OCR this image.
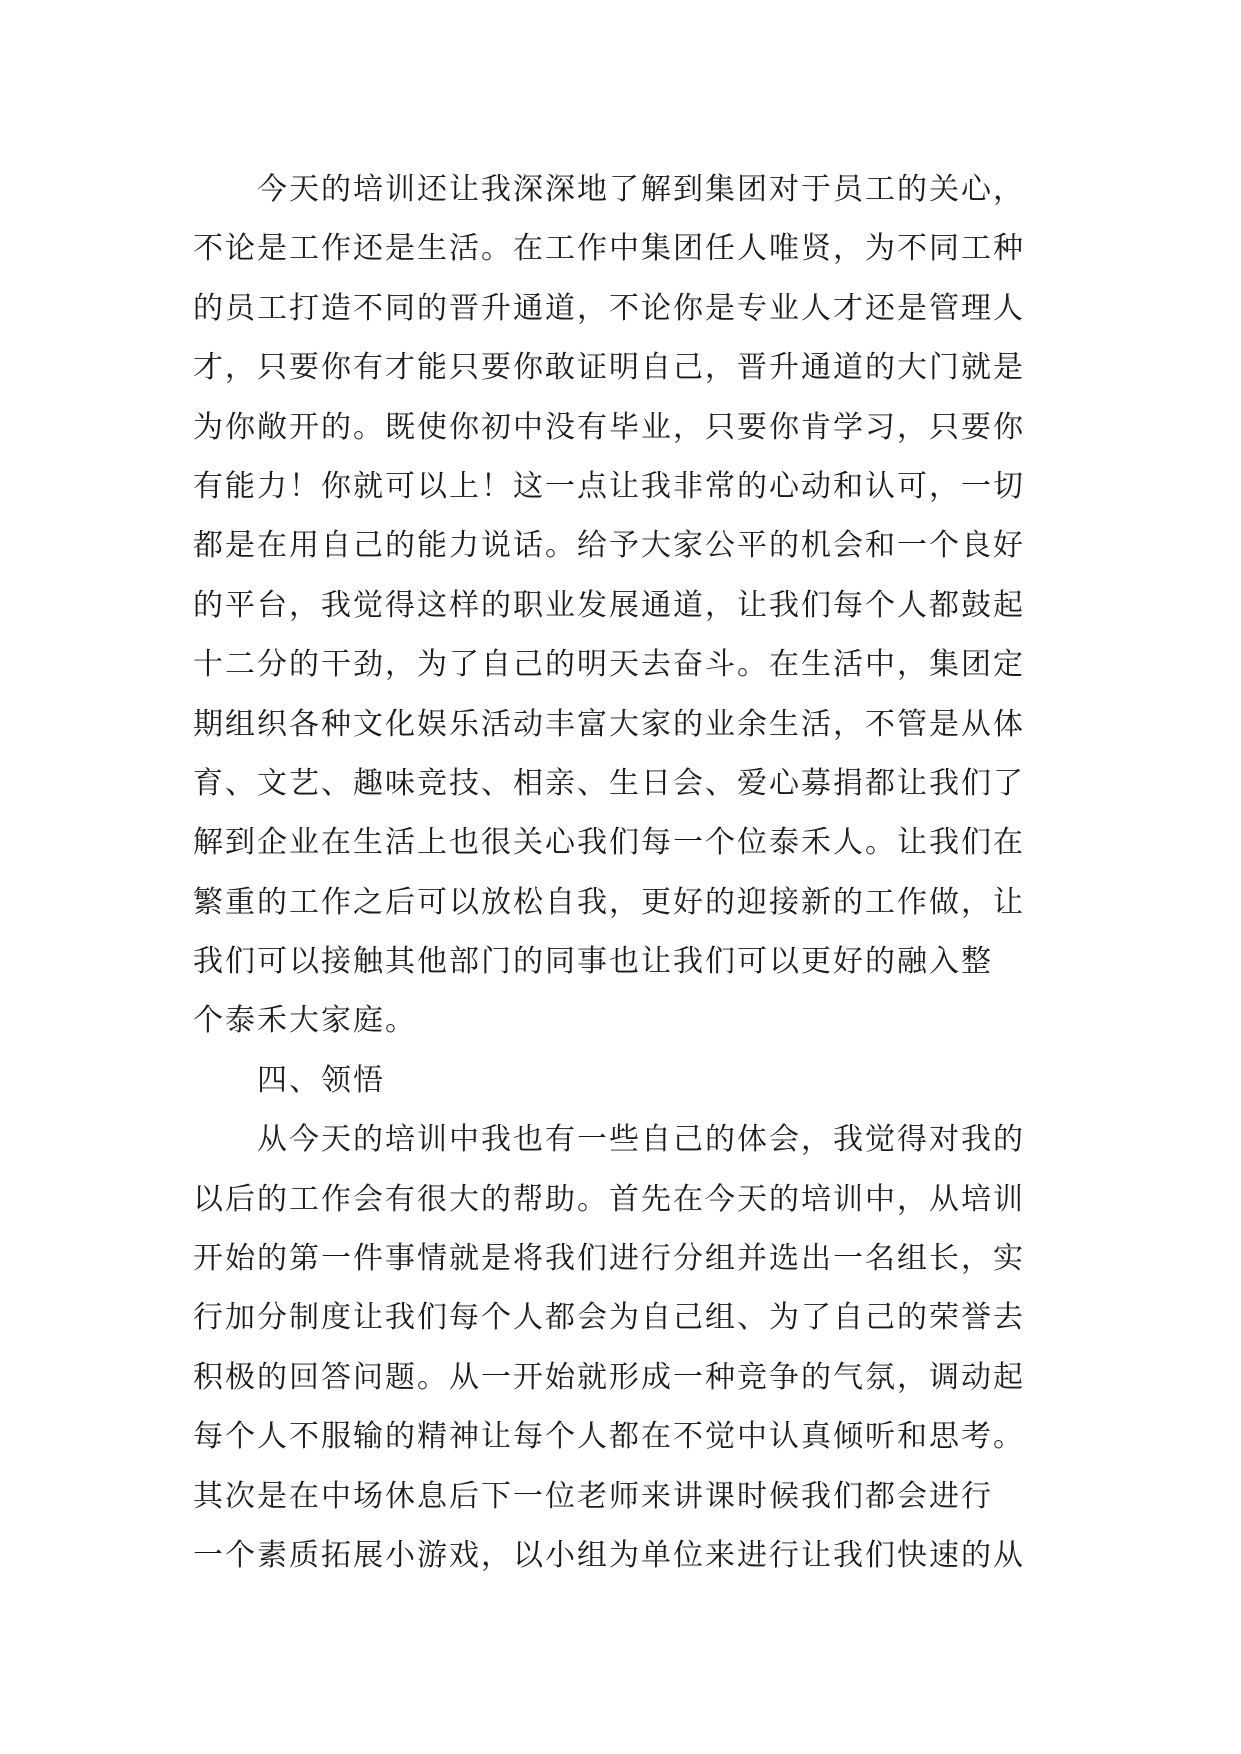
今天的培训还让我深深地了解到集团对于员工的关心，
不论是工作还是生活。在工作中集团任人唯贤，为不同工种
的员工打造不同的晋升通道，不论你是专业人才还是管理人
才，只要你有才能只要你敢证明自己，晋升通道的大门就是
为你敞开的。既使你初中没有毕业，只要你肯学习，只要你
有能力！你就可以上！这一点让我非常的心动和认可，一切
都是在用自己的能力说话。给予大家公平的机会和一个良好
的平台，我觉得这样的职业发展通道，让我们每个人都鼓起
十二分的干劲，为了自己的明天去奋斗。在生活中，集团定
期组织各种文化娱乐活动丰富大家的业余生活，不管是从体
育、文艺、趣味竞技、相亲、生日会、爱心募捐都让我们了
解到企业在生活上也很关心我们每一个位泰禾人。让我们在
繁重的工作之后可以放松自我，更好的迎接新的工作做，让
我们可以接触其他部门的同事也让我们可以更好的融入整
个泰禾大家庭。
四、领悟
从今天的培训中我也有一些自己的体会，我觉得对我的
以后的工作会有很大的帮助。首先在今天的培训中，从培训
开始的第一件事情就是将我们进行分组并选出一名组长，实
行加分制度让我们每个人都会为自己组、为了自己的荣誉去
积极的回答问题。从一开始就形成一种竞争的气氛，调动起
每个人不服输的精神让每个人都在不觉中认真倾听和思考。
其次是在中场休息后下一位老师来讲课时候我们都会进行
一个素质拓展小游戏，以小组为单位来进行让我们快速的从
